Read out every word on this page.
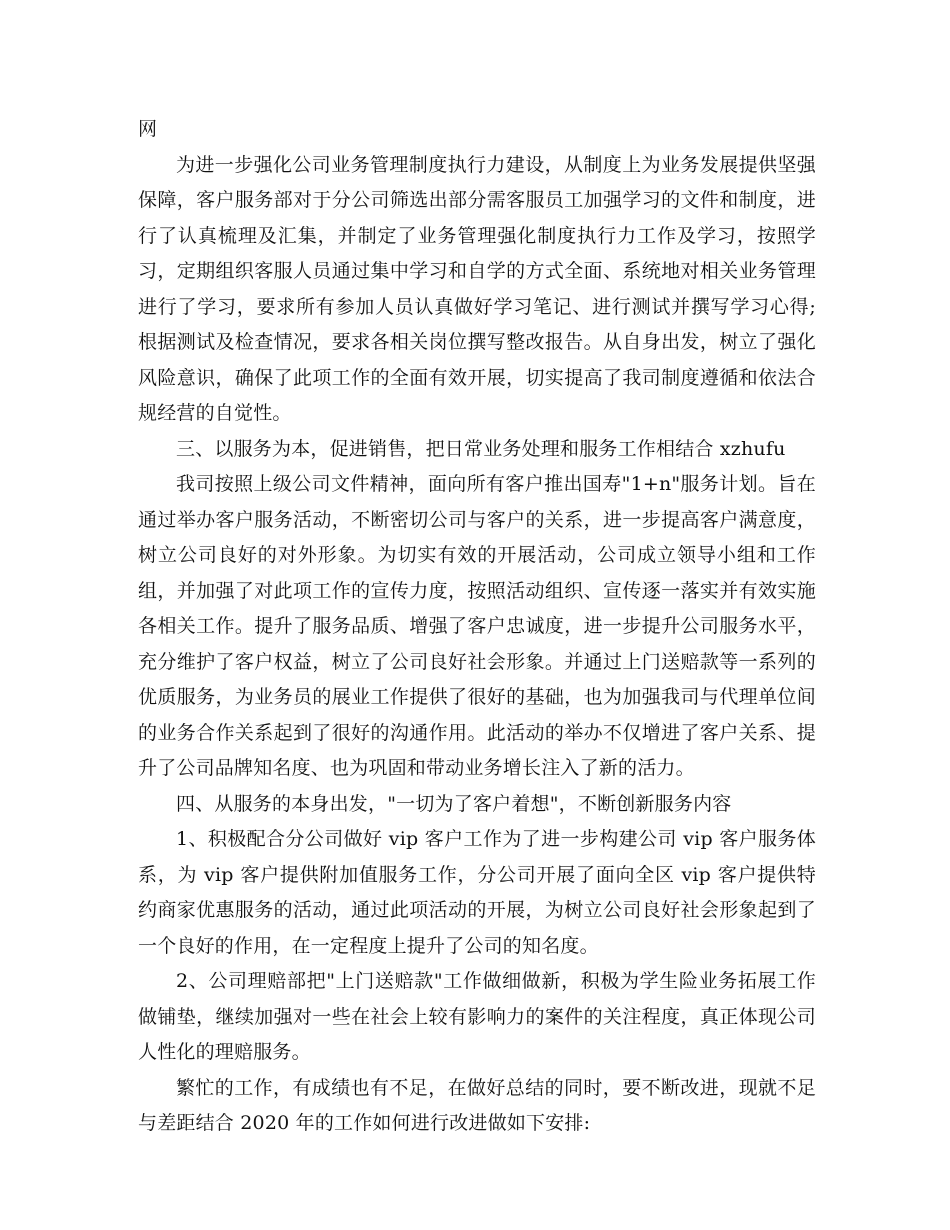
网

为进一步强化公司业务管理制度执行力建设，从制度上为业务发展提供坚强保障，客户服务部对于分公司筛选出部分需客服员工加强学习的文件和制度，进行了认真梳理及汇集，并制定了业务管理强化制度执行力工作及学习，按照学习，定期组织客服人员通过集中学习和自学的方式全面、系统地对相关业务管理进行了学习，要求所有参加人员认真做好学习笔记、进行测试并撰写学习心得;根据测试及检查情况，要求各相关岗位撰写整改报告。从自身出发，树立了强化风险意识，确保了此项工作的全面有效开展，切实提高了我司制度遵循和依法合规经营的自觉性。

三、以服务为本，促进销售，把日常业务处理和服务工作相结合 xzhufu

我司按照上级公司文件精神，面向所有客户推出国寿"1+n"服务计划。旨在通过举办客户服务活动，不断密切公司与客户的关系，进一步提高客户满意度，树立公司良好的对外形象。为切实有效的开展活动，公司成立领导小组和工作组，并加强了对此项工作的宣传力度，按照活动组织、宣传逐一落实并有效实施各相关工作。提升了服务品质、增强了客户忠诚度，进一步提升公司服务水平，充分维护了客户权益，树立了公司良好社会形象。并通过上门送赔款等一系列的优质服务，为业务员的展业工作提供了很好的基础，也为加强我司与代理单位间的业务合作关系起到了很好的沟通作用。此活动的举办不仅增进了客户关系、提升了公司品牌知名度、也为巩固和带动业务增长注入了新的活力。

四、从服务的本身出发，"一切为了客户着想"，不断创新服务内容

1、积极配合分公司做好 vip 客户工作为了进一步构建公司 vip 客户服务体系，为 vip 客户提供附加值服务工作，分公司开展了面向全区 vip 客户提供特约商家优惠服务的活动，通过此项活动的开展，为树立公司良好社会形象起到了一个良好的作用，在一定程度上提升了公司的知名度。

2、公司理赔部把"上门送赔款"工作做细做新，积极为学生险业务拓展工作做铺垫，继续加强对一些在社会上较有影响力的案件的关注程度，真正体现公司人性化的理赔服务。

繁忙的工作，有成绩也有不足，在做好总结的同时，要不断改进，现就不足与差距结合 2020 年的工作如何进行改进做如下安排:
